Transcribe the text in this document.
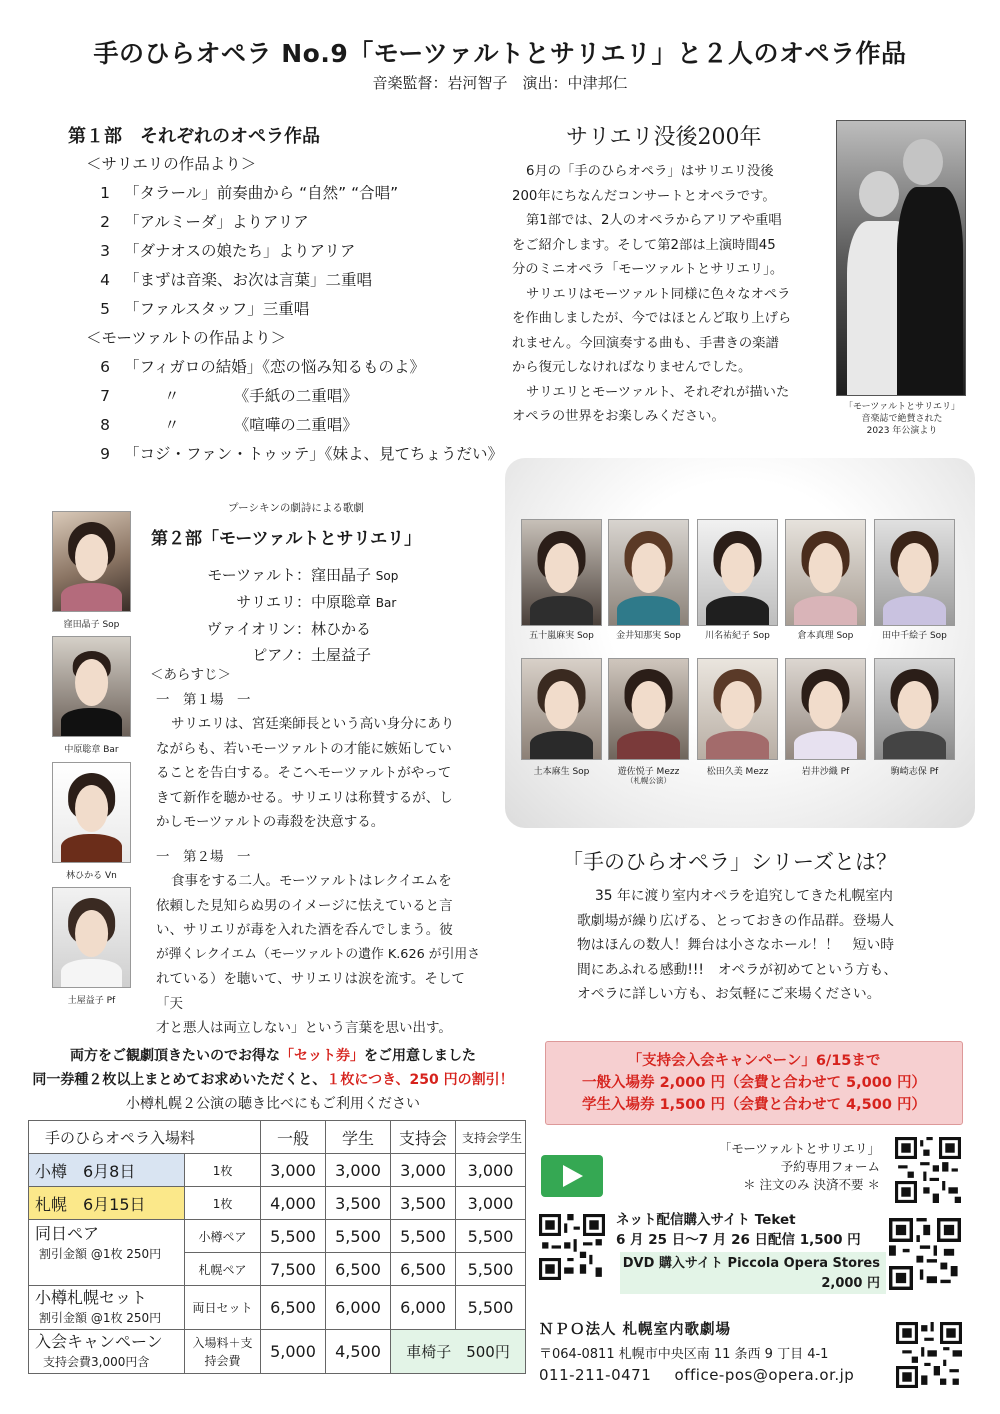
手のひらオペラ No.9「モーツァルトとサリエリ」と２人のオペラ作品
音楽監督：岩河智子　演出：中津邦仁
第１部　それぞれのオペラ作品
＜サリエリの作品より＞
1 「タラール」前奏曲から “自然” “合唱”
2 「アルミーダ」よりアリア
3 「ダナオスの娘たち」よりアリア
4 「まずは音楽、お次は言葉」二重唱
5 「ファルスタッフ」三重唱
＜モーツァルトの作品より＞
6 「フィガロの結婚」《恋の悩み知るものよ》
7	〃　　　　《手紙の二重唱》
8	〃　　　　《喧嘩の二重唱》
9 「コジ・ファン・トゥッテ」《妹よ、見てちょうだい》
サリエリ没後200年
6月の「手のひらオペラ」はサリエリ没後
200年にちなんだコンサートとオペラです。
第1部では、2人のオペラからアリアや重唱
をご紹介します。そして第2部は上演時間45
分のミニオペラ「モーツァルトとサリエリ」。
サリエリはモーツァルト同様に色々なオペラ
を作曲しましたが、今ではほとんど取り上げら
れません。今回演奏する曲も、手書きの楽譜
から復元しなければなりませんでした。
サリエリとモーツァルト、それぞれが描いた
オペラの世界をお楽しみください。
「モーツァルトとサリエリ」
音楽誌で絶賛された
2023 年公演より
プーシキンの劇詩による歌劇
第２部「モーツァルトとサリエリ」
窪田晶子 Sop
中原聡章 Bar
林ひかる Vn
土屋益子 Pf
モーツァルト：窪田晶子 Sop
サリエリ：中原聡章 Bar
ヴァイオリン：林ひかる
ピアノ：土屋益子
＜あらすじ＞
一　第１場　一
サリエリは、宮廷楽師長という高い身分にあり
ながらも、若いモーツァルトの才能に嫉妬してい
ることを告白する。そこへモーツァルトがやって
きて新作を聴かせる。サリエリは称賛するが、し
かしモーツァルトの毒殺を決意する。
一　第２場　一
食事をする二人。モーツァルトはレクイエムを
依頼した見知らぬ男のイメージに怯えていると言
い、サリエリが毒を入れた酒を呑んでしまう。彼
が弾くレクイエム（モーツァルトの遺作 K.626 が引用さ
れている）を聴いて、サリエリは涙を流す。そして「天
才と悪人は両立しない」という言葉を思い出す。
五十嵐麻実 Sop	金井知那実 Sop	川名祐紀子 Sop	倉本真理 Sop	田中千絵子 Sop
土本麻生 Sop	遊佐悦子 Mezz
（札幌公演）
松田久美 Mezz	岩井沙織 Pf	駒崎志保 Pf
「手のひらオペラ」シリーズとは？
35 年に渡り室内オペラを追究してきた札幌室内
歌劇場が繰り広げる、とっておきの作品群。登場人
物はほんの数人！舞台は小さなホール！！　短い時
間にあふれる感動!!!　オペラが初めてという方も、
オペラに詳しい方も、お気軽にご来場ください。
両方をご観劇頂きたいのでお得な「セット券」をご用意しました
同一券種２枚以上まとめてお求めいただくと、１枚につき、250 円の割引！
小樽札幌２公演の聴き比べにもご利用ください
手のひらオペラ入場料		一般	学生	支持会	支持会学生
小樽　6月8日	1枚	3,000	3,000	3,000	3,000
札幌　6月15日	1枚	4,000	3,500	3,500	3,000

同日ペア
割引金額 @1枚 250円	小樽ペア	5,500	5,500	5,500	5,500
	札幌ペア	7,500	6,500	6,500	5,500

小樽札幌セット
割引金額 @1枚 250円	両日セット	6,500	6,000	6,000	5,500

入会キャンペーン
支持会費3,000円含	入場料＋支持会費	5,000	4,500	車椅子　500円	
「支持会入会キャンペーン」6/15まで
一般入場券 2,000 円（会費と合わせて 5,000 円）
学生入場券 1,500 円（会費と合わせて 4,500 円）
「モーツァルトとサリエリ」
予約専用フォーム
＊ 注文のみ 決済不要 ＊
ネット配信購入サイト Teket
6 月 25 日～7 月 26 日配信 1,500 円
DVD 購入サイト Piccola Opera Stores
2,000 円
ＮＰＯ法人 札幌室内歌劇場
〒064-0811 札幌市中央区南 11 条西 9 丁目 4-1
011-211-0471 office-pos@opera.or.jp
